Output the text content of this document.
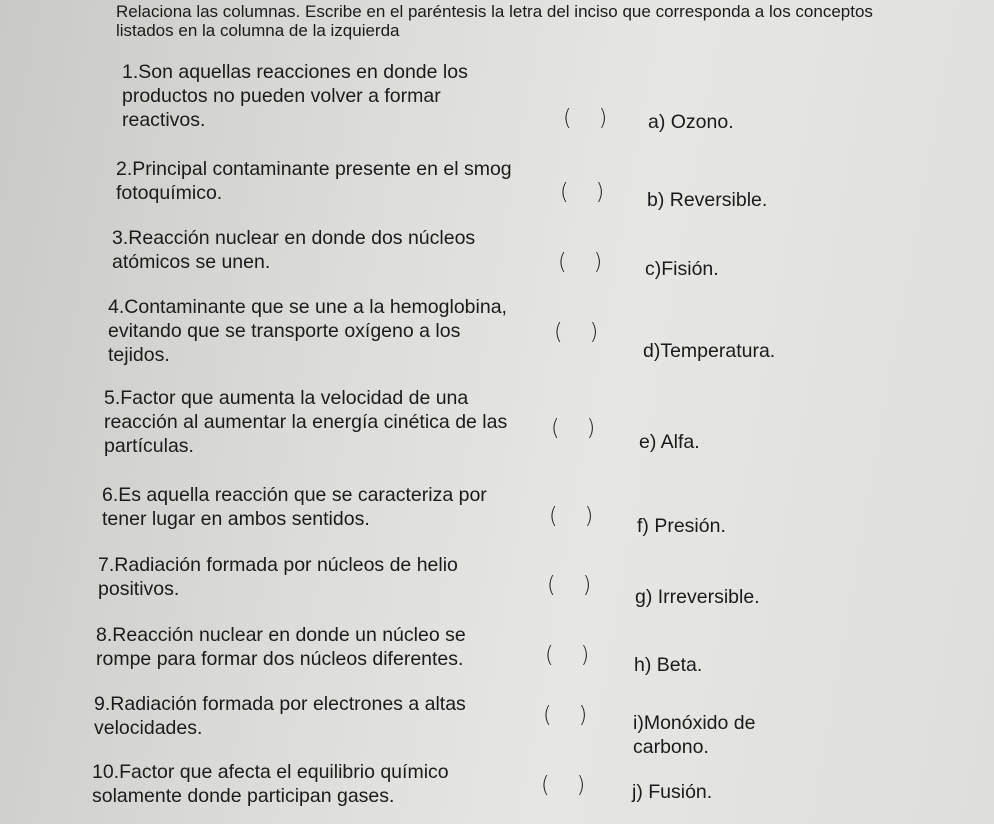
Relaciona las columnas. Escribe en el paréntesis la letra del inciso que corresponda a los conceptos listados en la columna de la izquierda
1.Son aquellas reacciones en donde los
productos no pueden volver a formar
reactivos.
2.Principal contaminante presente en el smog
fotoquímico.
3.Reacción nuclear en donde dos núcleos
atómicos se unen.
4.Contaminante que se une a la hemoglobina,
evitando que se transporte oxígeno a los
tejidos.
5.Factor que aumenta la velocidad de una
reacción al aumentar la energía cinética de las
partículas.
6.Es aquella reacción que se caracteriza por
tener lugar en ambos sentidos.
7.Radiación formada por núcleos de helio
positivos.
8.Reacción nuclear en donde un núcleo se
rompe para formar dos núcleos diferentes.
9.Radiación formada por electrones a altas
velocidades.
10.Factor que afecta el equilibrio químico
solamente donde participan gases.
( )
( )
( )
( )
( )
( )
( )
( )
( )
( )
a) Ozono.
b) Reversible.
c)Fisión.
d)Temperatura.
e) Alfa.
f) Presión.
g) Irreversible.
h) Beta.
i)Monóxido de
carbono.
j) Fusión.
